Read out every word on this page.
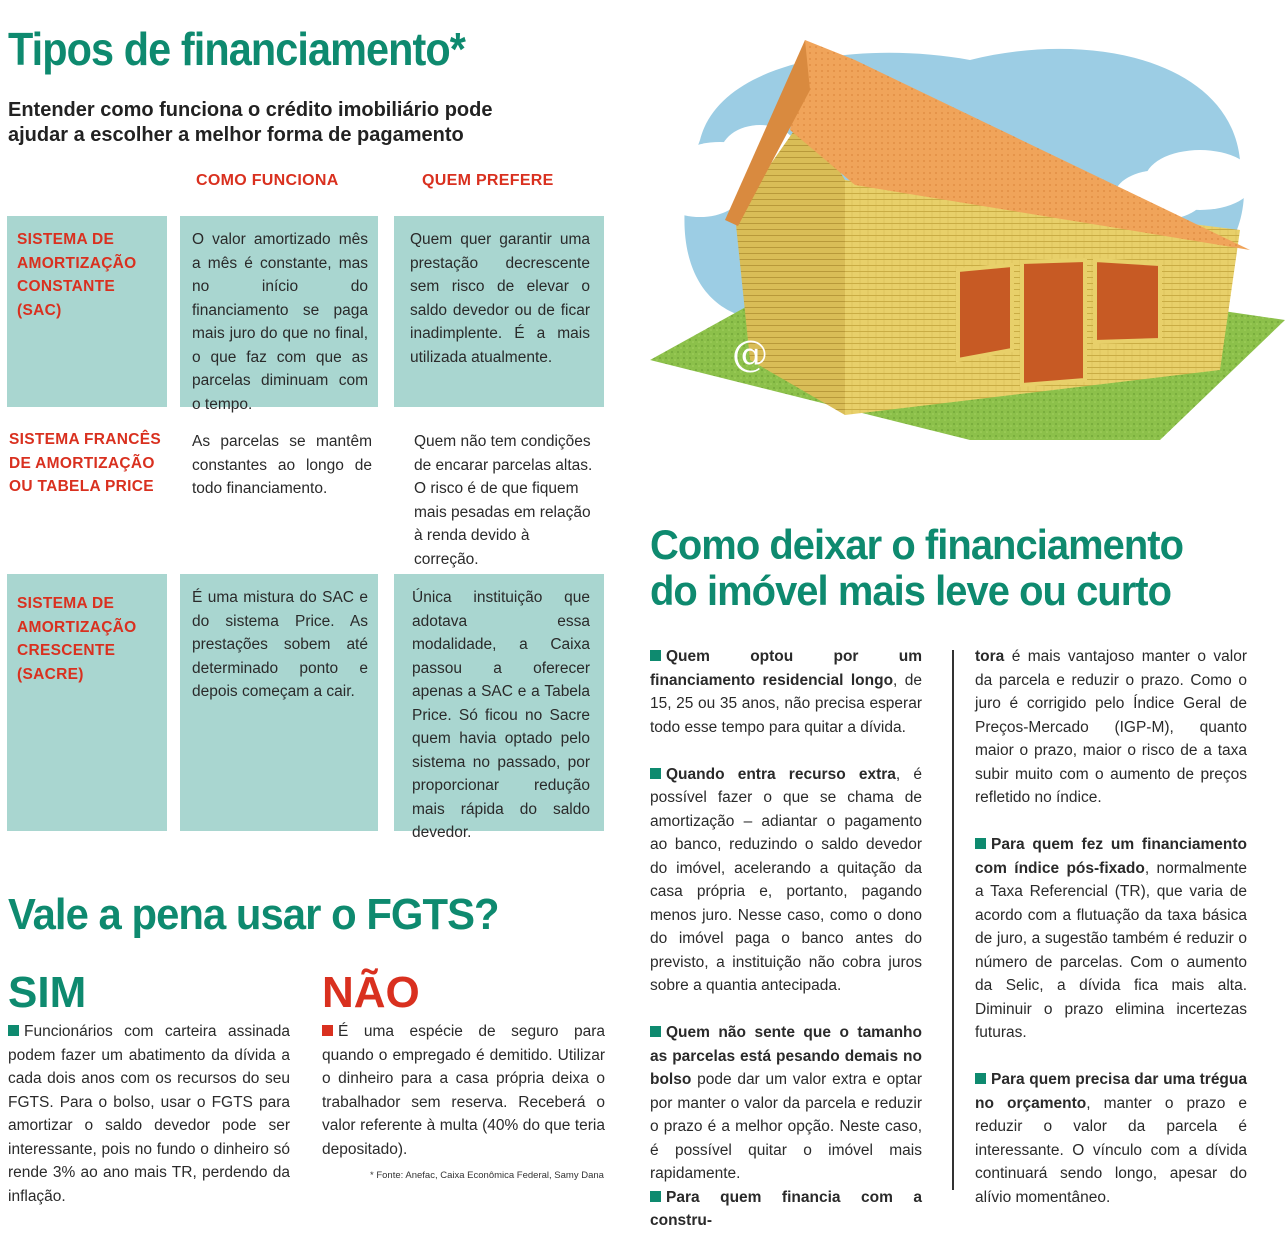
Tipos de financiamento*
Entender como funciona o crédito imobiliário pode ajudar a escolher a melhor forma de pagamento
COMO FUNCIONA	QUEM PREFERE
SISTEMA DE AMORTIZAÇÃO CONSTANTE (SAC)
O valor amortizado mês a mês é constante, mas no início do financiamento se paga mais juro do que no final, o que faz com que as parcelas diminuam com o tempo.
Quem quer garantir uma prestação decrescente sem risco de elevar o saldo devedor ou de ficar inadimplente. É a mais utilizada atualmente.
SISTEMA FRANCÊS DE AMORTIZAÇÃO OU TABELA PRICE
As parcelas se mantêm constantes ao longo de todo financiamento.
Quem não tem condições de encarar parcelas altas. O risco é de que fiquem mais pesadas em relação à renda devido à correção.
SISTEMA DE AMORTIZAÇÃO CRESCENTE (SACRE)
É uma mistura do SAC e do sistema Price. As prestações sobem até determinado ponto e depois começam a cair.
Única instituição que adotava essa modalidade, a Caixa passou a oferecer apenas a SAC e a Tabela Price. Só ficou no Sacre quem havia optado pelo sistema no passado, por proporcionar redução mais rápida do saldo devedor.
Vale a pena usar o FGTS?
SIM
Funcionários com carteira assinada podem fazer um abatimento da dívida a cada dois anos com os recursos do seu FGTS. Para o bolso, usar o FGTS para amortizar o saldo devedor pode ser interessante, pois no fundo o dinheiro só rende 3% ao ano mais TR, perdendo da inflação.
NÃO
É uma espécie de seguro para quando o empregado é demitido. Utilizar o dinheiro para a casa própria deixa o trabalhador sem reserva. Receberá o valor referente à multa (40% do que teria depositado).
* Fonte: Anefac, Caixa Econômica Federal, Samy Dana
@
Como deixar o financiamento
do imóvel mais leve ou curto

Quem optou por um financiamento residencial longo, de 15, 25 ou 35 anos, não precisa esperar todo esse tempo para quitar a dívida.

Quando entra recurso extra, é possível fazer o que se chama de amortização – adiantar o pagamento ao banco, reduzindo o saldo devedor do imóvel, acelerando a quitação da casa própria e, portanto, pagando menos juro. Nesse caso, como o dono do imóvel paga o banco antes do previsto, a instituição não cobra juros sobre a quantia antecipada.

Quem não sente que o tamanho as parcelas está pesando demais no bolso pode dar um valor extra e optar por manter o valor da parcela e reduzir o prazo é a melhor opção. Neste caso, é possível quitar o imóvel mais rapidamente.

Para quem financia com a constru-

tora é mais vantajoso manter o valor da parcela e reduzir o prazo. Como o juro é corrigido pelo Índice Geral de Preços-Mercado (IGP-M), quanto maior o prazo, maior o risco de a taxa subir muito com o aumento de preços refletido no índice.

Para quem fez um financiamento com índice pós-fixado, normalmente a Taxa Referencial (TR), que varia de acordo com a flutuação da taxa básica de juro, a sugestão também é reduzir o número de parcelas. Com o aumento da Selic, a dívida fica mais alta. Diminuir o prazo elimina incertezas futuras.

Para quem precisa dar uma trégua no orçamento, manter o prazo e reduzir o valor da parcela é interessante. O vínculo com a dívida continuará sendo longo, apesar do alívio momentâneo.
